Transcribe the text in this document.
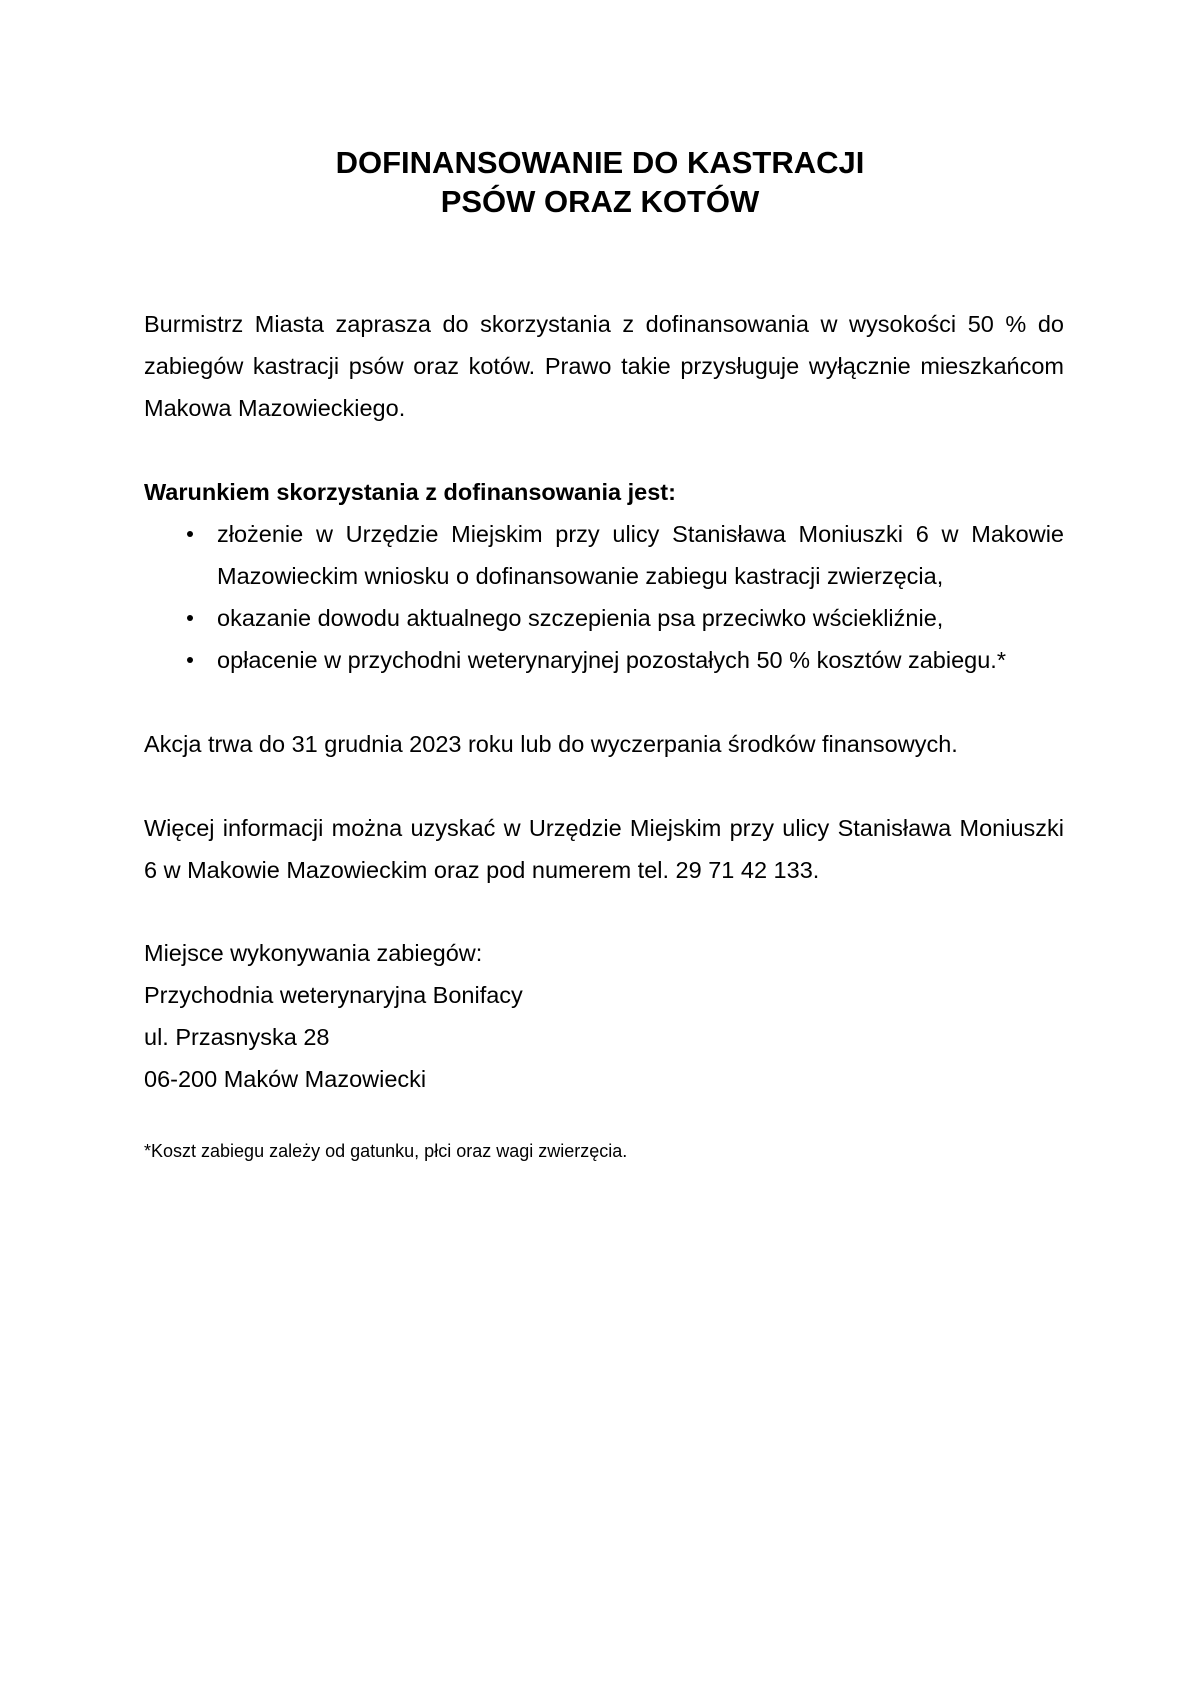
DOFINANSOWANIE DO KASTRACJI
PSÓW ORAZ KOTÓW

Burmistrz Miasta zaprasza do skorzystania z dofinansowania w wysokości 50 % do zabiegów kastracji psów oraz kotów. Prawo takie przysługuje wyłącznie mieszkańcom Makowa Mazowieckiego.

Warunkiem skorzystania z dofinansowania jest:
złożenie w Urzędzie Miejskim przy ulicy Stanisława Moniuszki 6 w Makowie Mazowieckim wniosku o dofinansowanie zabiegu kastracji zwierzęcia,
okazanie dowodu aktualnego szczepienia psa przeciwko wściekliźnie,
opłacenie w przychodni weterynaryjnej pozostałych 50 % kosztów zabiegu.*

Akcja trwa do 31 grudnia 2023 roku lub do wyczerpania środków finansowych.

Więcej informacji można uzyskać w Urzędzie Miejskim przy ulicy Stanisława Moniuszki 6 w Makowie Mazowieckim oraz pod numerem tel. 29 71 42 133.

Miejsce wykonywania zabiegów:
Przychodnia weterynaryjna Bonifacy
ul. Przasnyska 28
06-200 Maków Mazowiecki

*Koszt zabiegu zależy od gatunku, płci oraz wagi zwierzęcia.
